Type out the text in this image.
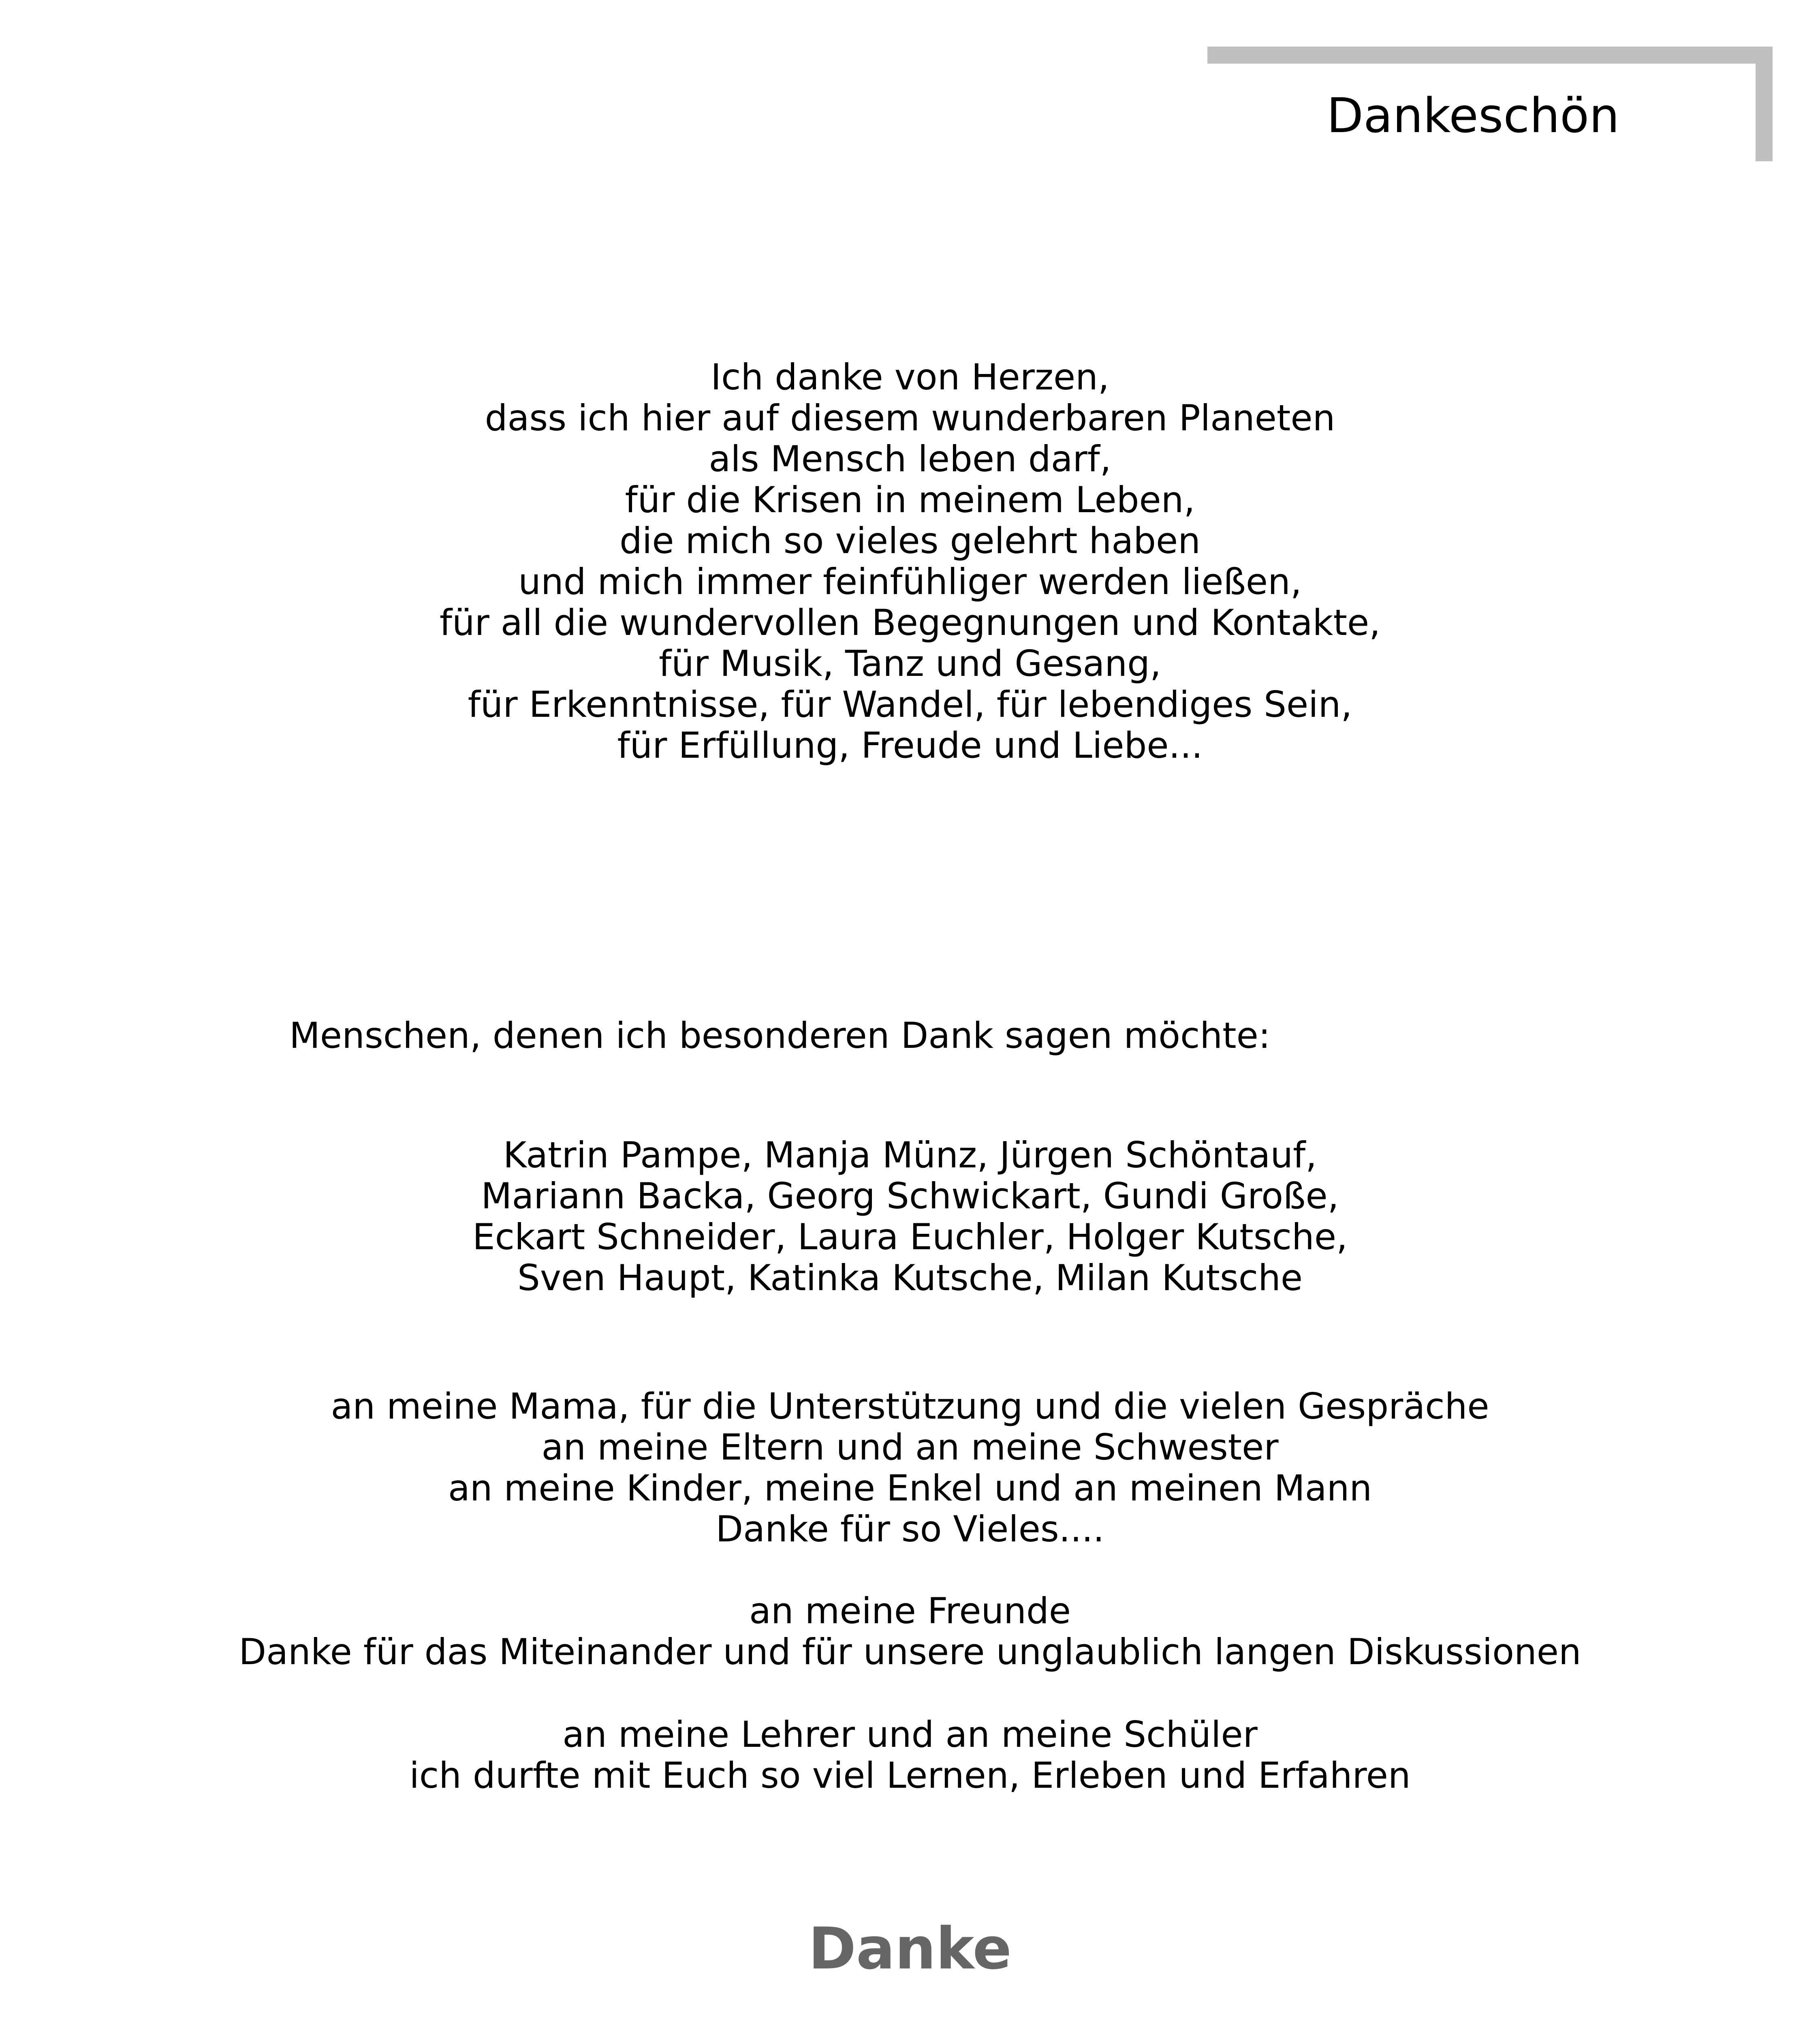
Dankeschön
Ich danke von Herzen,
dass ich hier auf diesem wunderbaren Planeten
als Mensch leben darf,
für die Krisen in meinem Leben,
die mich so vieles gelehrt haben
und mich immer feinfühliger werden ließen,
für all die wundervollen Begegnungen und Kontakte,
für Musik, Tanz und Gesang,
für Erkenntnisse, für Wandel, für lebendiges Sein,
für Erfüllung, Freude und Liebe...
Menschen, denen ich besonderen Dank sagen möchte:
Katrin Pampe, Manja Münz, Jürgen Schöntauf,
Mariann Backa, Georg Schwickart, Gundi Große,
Eckart Schneider, Laura Euchler, Holger Kutsche,
Sven Haupt, Katinka Kutsche, Milan Kutsche
an meine Mama, für die Unterstützung und die vielen Gespräche
an meine Eltern und an meine Schwester
an meine Kinder, meine Enkel und an meinen Mann
Danke für so Vieles....
an meine Freunde
Danke für das Miteinander und für unsere unglaublich langen Diskussionen
an meine Lehrer und an meine Schüler
ich durfte mit Euch so viel Lernen, Erleben und Erfahren
Danke
